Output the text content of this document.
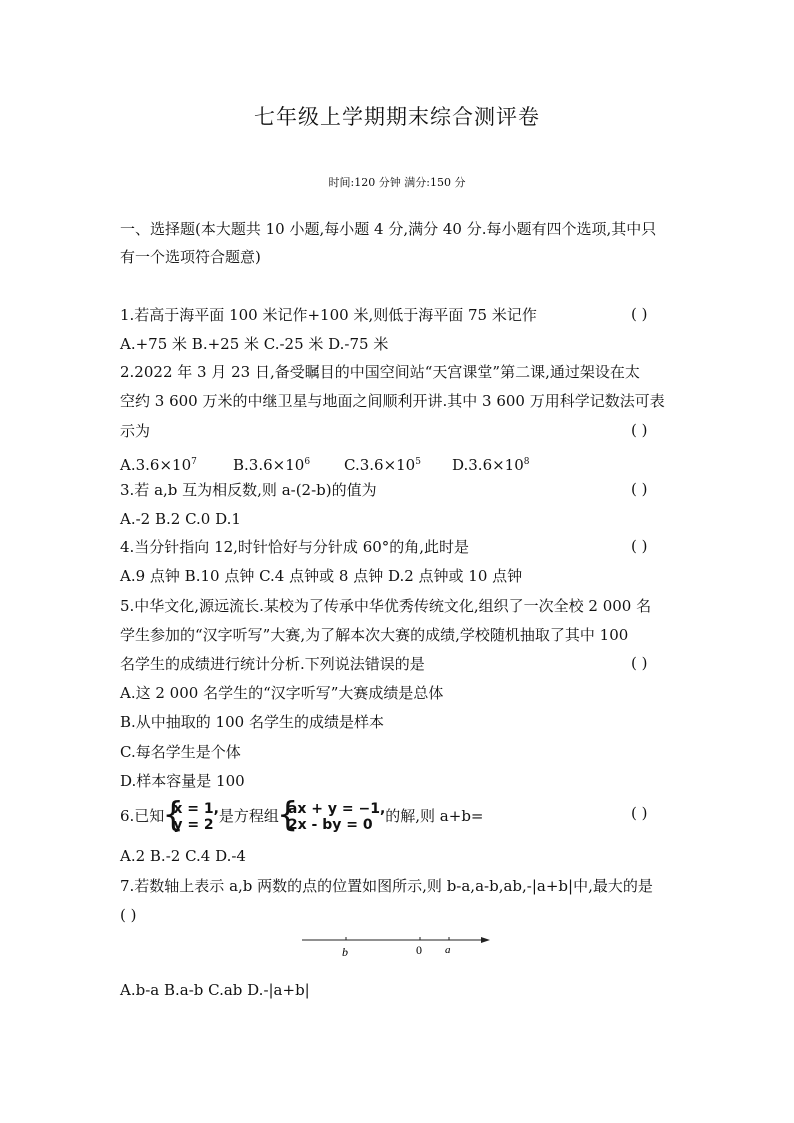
七年级上学期期末综合测评卷
时间:120 分钟 满分:150 分
一、选择题(本大题共 10 小题,每小题 4 分,满分 40 分.每小题有四个选项,其中只
有一个选项符合题意)
1.若高于海平面 100 米记作+100 米,则低于海平面 75 米记作	( )
A.+75 米 B.+25 米 C.-25 米 D.-75 米
2.2022 年 3 月 23 日,备受瞩目的中国空间站“天宫课堂”第二课,通过架设在太
空约 3 600 万米的中继卫星与地面之间顺利开讲.其中 3 600 万用科学记数法可表
示为	( )
$A.3.6\times 10^7$ $B.3.6\times 10^6$ $C.3.6\times 10^5$ $D.3.6\times 10^8$
3.若 a,b 互为相反数,则 a-(2-b)的值为	( )
A.-2 B.2 C.0 D.1
4.当分针指向 12,时针恰好与分针成 60°的角,此时是	( )
A.9 点钟 B.10 点钟 C.4 点钟或 8 点钟 D.2 点钟或 10 点钟
5.中华文化,源远流长.某校为了传承中华优秀传统文化,组织了一次全校 2 000 名
学生参加的“汉字听写”大赛,为了解本次大赛的成绩,学校随机抽取了其中 100
名学生的成绩进行统计分析.下列说法错误的是	( )
A.这 2 000 名学生的“汉字听写”大赛成绩是总体
B.从中抽取的 100 名学生的成绩是样本
C.每名学生是个体
D.样本容量是 100
6.已知 { x = 1,
y = 2 是方程组 { ax + y = −1,
2x - by = 0 的解,则 a+b=	( )
A.2 B.-2 C.4 D.-4
7.若数轴上表示 a,b 两数的点的位置如图所示,则 b-a,a-b,ab,-|a+b|中,最大的是
( )
b	0 a
A.b-a B.a-b C.ab D.-|a+b|
